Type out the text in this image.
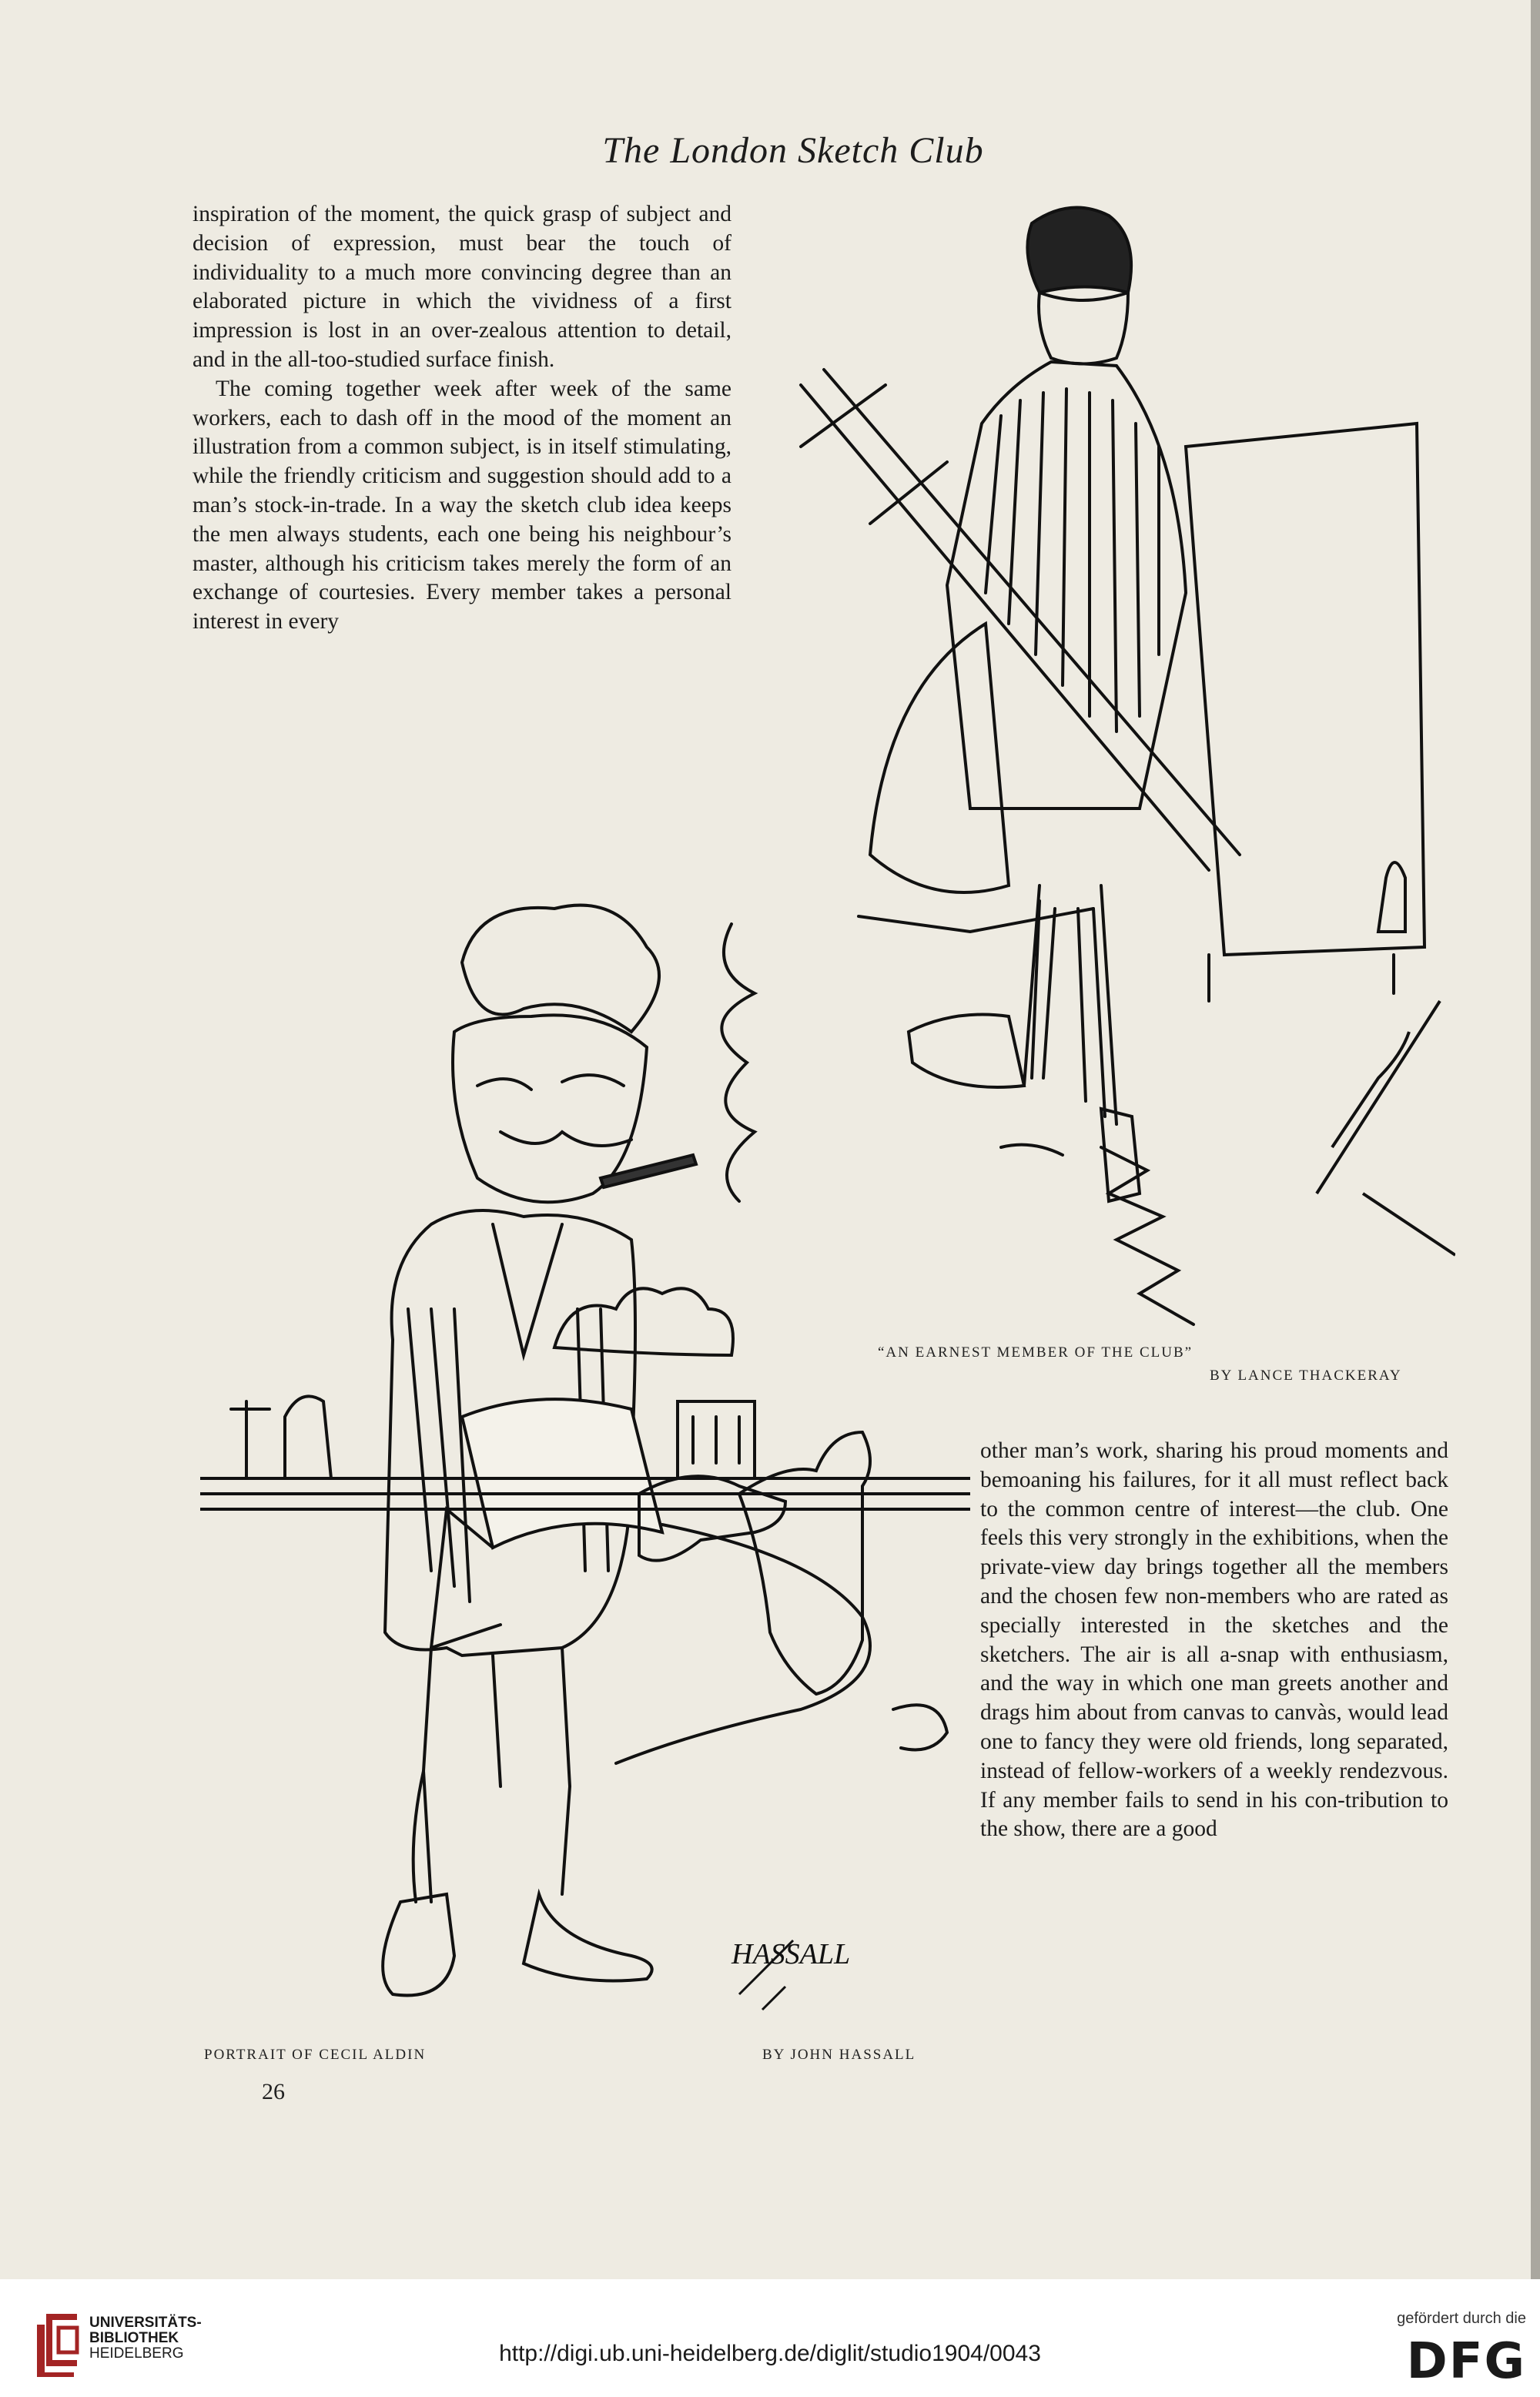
The London Sketch Club

inspiration of the moment, the quick grasp of subject and decision of expression, must bear the touch of individuality to a much more convincing degree than an elaborated picture in which the vividness of a first impression is lost in an over-zealous attention to detail, and in the all-too-studied surface finish.

The coming together week after week of the same workers, each to dash off in the mood of the moment an illustration from a common subject, is in itself stimulating, while the friendly criticism and suggestion should add to a man’s stock-in-trade. In a way the sketch club idea keeps the men always students, each one being his neighbour’s master, although his criticism takes merely the form of an exchange of courtesies. Every member takes a personal interest in every

“AN EARNEST MEMBER OF THE CLUB”
BY LANCE THACKERAY
HASSALL
PORTRAIT OF CECIL ALDIN	BY JOHN HASSALL

other man’s work, sharing his proud moments and bemoaning his failures, for it all must reflect back to the common centre of interest—the club. One feels this very strongly in the exhibitions, when the private-view day brings together all the members and the chosen few non-members who are rated as specially interested in the sketches and the sketchers. The air is all a-snap with enthusiasm, and the way in which one man greets another and drags him about from canvas to canvàs, would lead one to fancy they were old friends, long separated, instead of fellow-workers of a weekly rendezvous. If any member fails to send in his con-tribution to the show, there are a good

26
UNIVERSITÄTS-
BIBLIOTHEK
HEIDELBERG	http://digi.ub.uni-heidelberg.de/diglit/studio1904/0043
gefördert durch die
DFG
